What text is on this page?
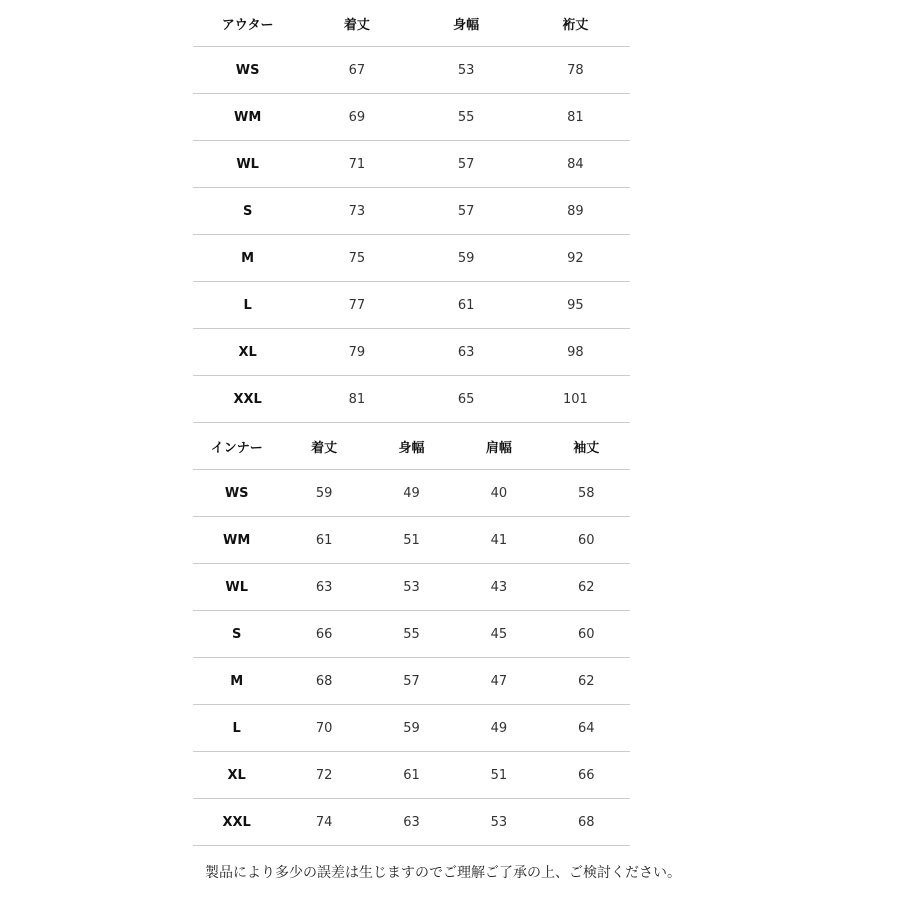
アウター	着丈	身幅	裄丈
WS	67	53	78
WM	69	55	81
WL	71	57	84
S	73	57	89
M	75	59	92
L	77	61	95
XL	79	63	98
XXL	81	65	101
インナー	着丈	身幅	肩幅	袖丈
WS	59	49	40	58
WM	61	51	41	60
WL	63	53	43	62
S	66	55	45	60
M	68	57	47	62
L	70	59	49	64
XL	72	61	51	66
XXL	74	63	53	68
製品により多少の誤差は生じますのでご理解ご了承の上、ご検討ください。
